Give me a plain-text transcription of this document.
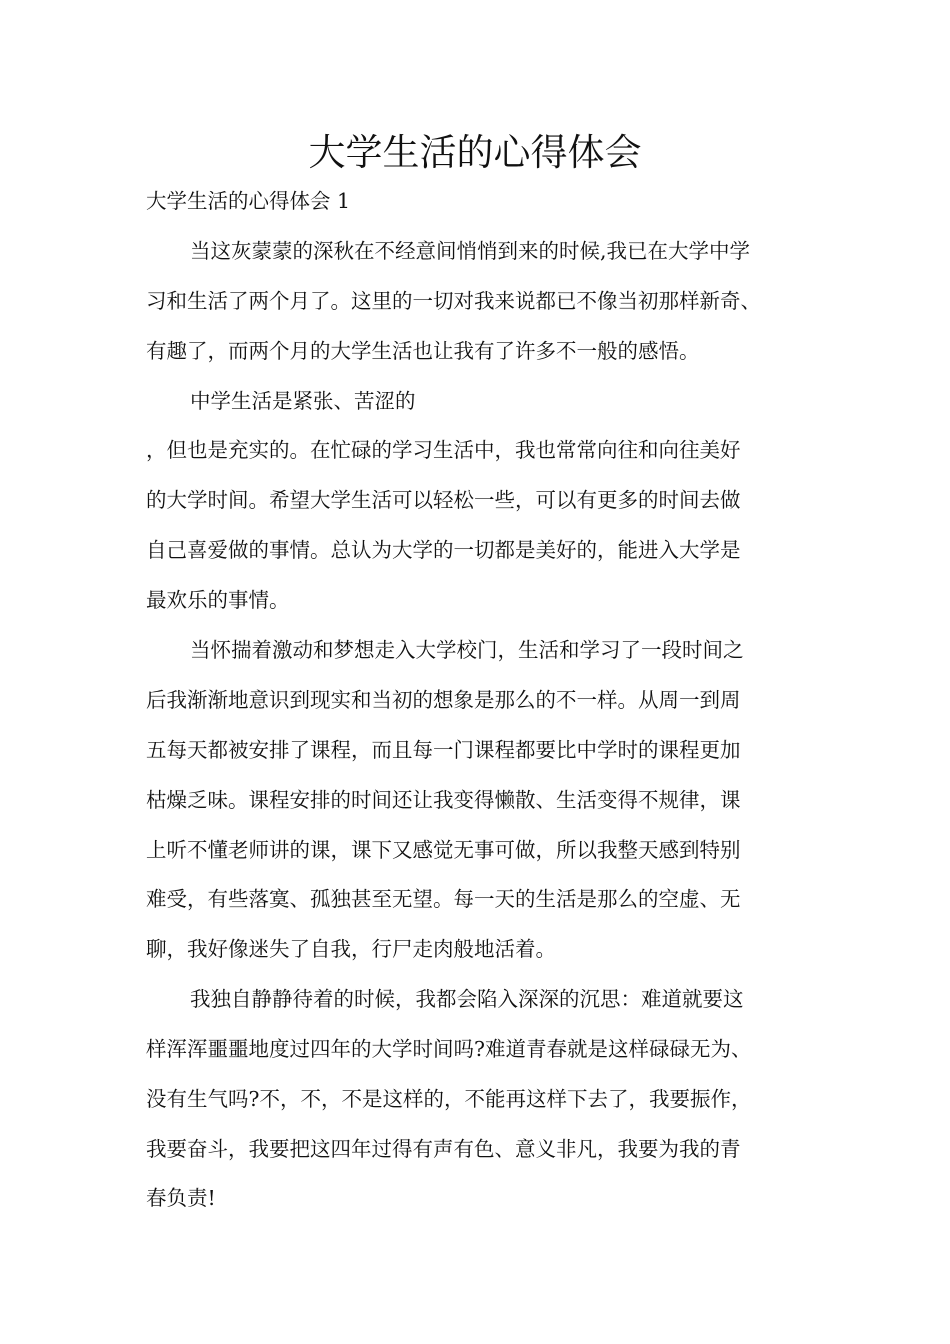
大学生活的心得体会

大学生活的心得体会 1

当这灰蒙蒙的深秋在不经意间悄悄到来的时候,我已在大学中学

习和生活了两个月了。这里的一切对我来说都已不像当初那样新奇、

有趣了，而两个月的大学生活也让我有了许多不一般的感悟。

中学生活是紧张、苦涩的

，但也是充实的。在忙碌的学习生活中，我也常常向往和向往美好

的大学时间。希望大学生活可以轻松一些，可以有更多的时间去做

自己喜爱做的事情。总认为大学的一切都是美好的，能进入大学是

最欢乐的事情。

当怀揣着激动和梦想走入大学校门，生活和学习了一段时间之

后我渐渐地意识到现实和当初的想象是那么的不一样。从周一到周

五每天都被安排了课程，而且每一门课程都要比中学时的课程更加

枯燥乏味。课程安排的时间还让我变得懒散、生活变得不规律，课

上听不懂老师讲的课，课下又感觉无事可做，所以我整天感到特别

难受，有些落寞、孤独甚至无望。每一天的生活是那么的空虚、无

聊，我好像迷失了自我，行尸走肉般地活着。

我独自静静待着的时候，我都会陷入深深的沉思：难道就要这

样浑浑噩噩地度过四年的大学时间吗?难道青春就是这样碌碌无为、

没有生气吗?不，不，不是这样的，不能再这样下去了，我要振作，

我要奋斗，我要把这四年过得有声有色、意义非凡，我要为我的青

春负责!
